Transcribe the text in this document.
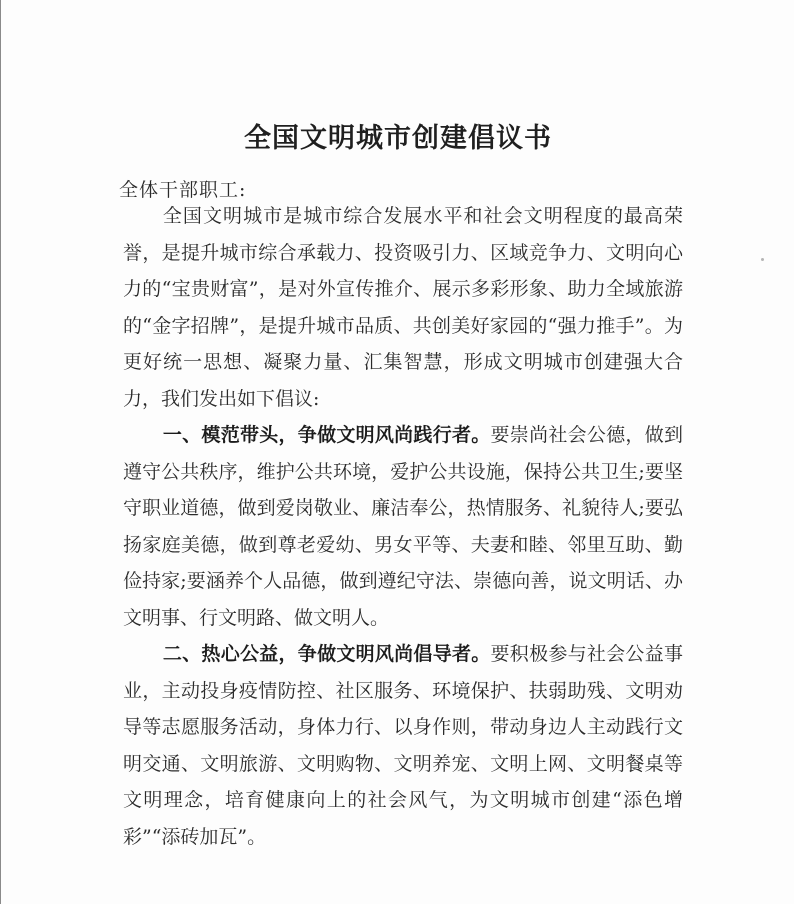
全国文明城市创建倡议书
全体干部职工:

全国文明城市是城市综合发展水平和社会文明程度的最高荣誉，是提升城市综合承载力、投资吸引力、区域竞争力、文明向心力的“宝贵财富”，是对外宣传推介、展示多彩形象、助力全域旅游的“金字招牌”，是提升城市品质、共创美好家园的“强力推手”。为更好统一思想、凝聚力量、汇集智慧，形成文明城市创建强大合力，我们发出如下倡议:

一、模范带头，争做文明风尚践行者。要崇尚社会公德，做到遵守公共秩序，维护公共环境，爱护公共设施，保持公共卫生;要坚守职业道德，做到爱岗敬业、廉洁奉公，热情服务、礼貌待人;要弘扬家庭美德，做到尊老爱幼、男女平等、夫妻和睦、邻里互助、勤俭持家;要涵养个人品德，做到遵纪守法、崇德向善，说文明话、办文明事、行文明路、做文明人。

二、热心公益，争做文明风尚倡导者。要积极参与社会公益事业，主动投身疫情防控、社区服务、环境保护、扶弱助残、文明劝导等志愿服务活动，身体力行、以身作则，带动身边人主动践行文明交通、文明旅游、文明购物、文明养宠、文明上网、文明餐桌等文明理念，培育健康向上的社会风气，为文明城市创建“添色增彩”“添砖加瓦”。
